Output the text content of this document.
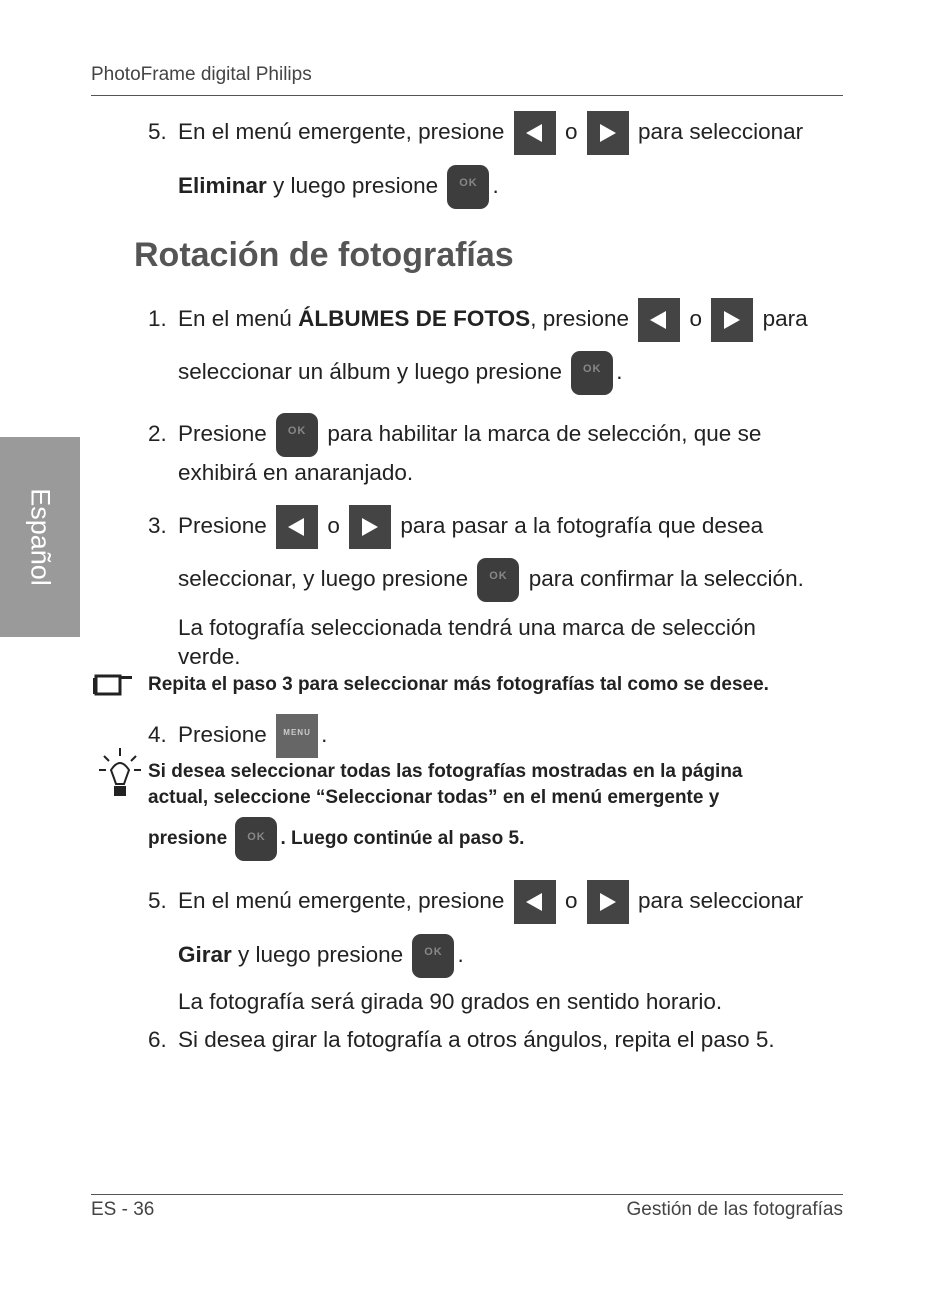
PhotoFrame digital Philips
Español
5. En el menú emergente, presione	o	para seleccionar
Eliminar y luego presione	OK .
Rotación de fotografías
1. En el menú ÁLBUMES DE FOTOS, presione	o	para
seleccionar un álbum y luego presione	OK .
2. Presione	OK para habilitar la marca de selección, que se
exhibirá en anaranjado.
3. Presione	o	para pasar a la fotografía que desea
seleccionar, y luego presione	OK para confirmar la selección.
La fotografía seleccionada tendrá una marca de selección
verde.
Repita el paso 3 para seleccionar más fotografías tal como se desee.
4. Presione	MENU .
Si desea seleccionar todas las fotografías mostradas en la página
actual, seleccione “Seleccionar todas” en el menú emergente y
presione	OK . Luego continúe al paso 5.
5. En el menú emergente, presione	o	para seleccionar
Girar y luego presione	OK .
La fotografía será girada 90 grados en sentido horario.
6. Si desea girar la fotografía a otros ángulos, repita el paso 5.
ES - 36	Gestión de las fotografías
